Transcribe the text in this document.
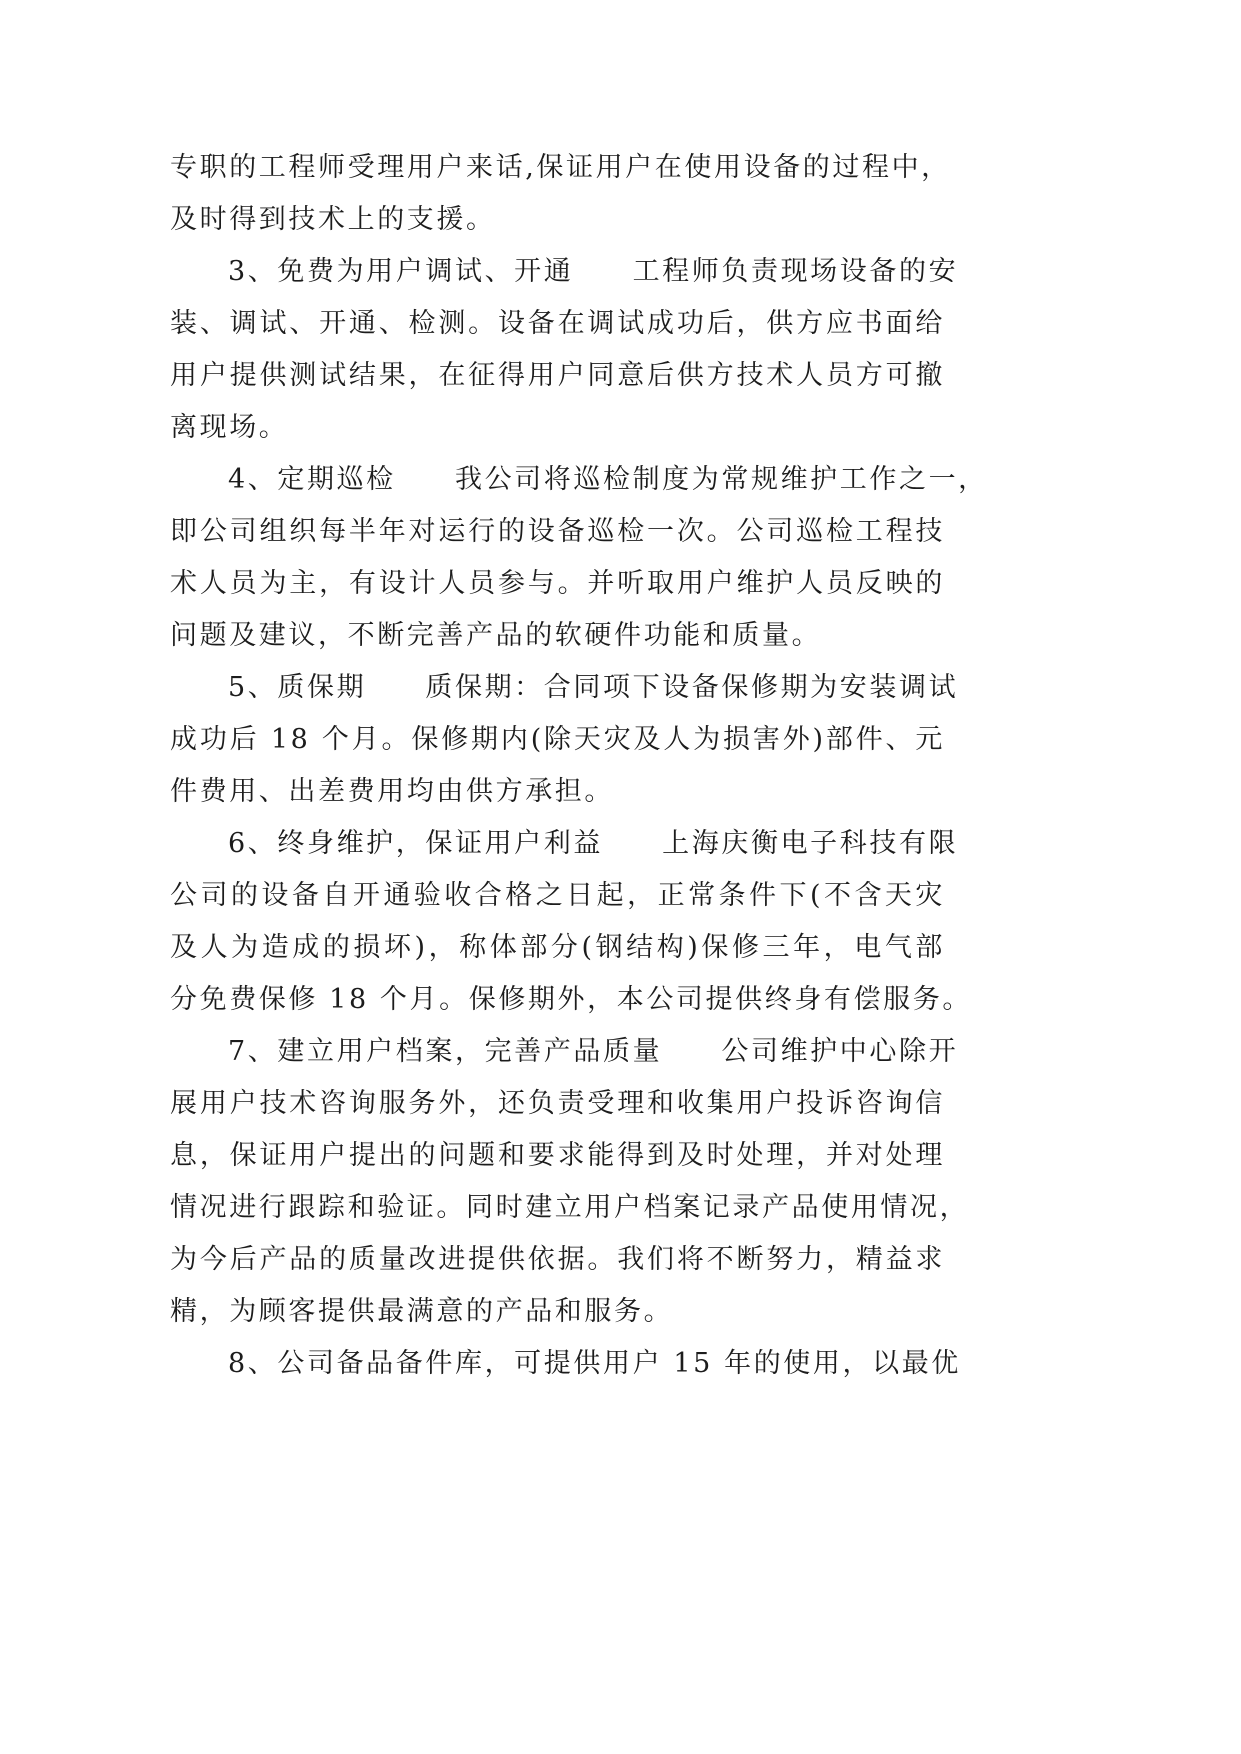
专职的工程师受理用户来话,保证用户在使用设备的过程中，
及时得到技术上的支援。
3、免费为用户调试、开通　　工程师负责现场设备的安
装、调试、开通、检测。设备在调试成功后，供方应书面给
用户提供测试结果，在征得用户同意后供方技术人员方可撤
离现场。
4、定期巡检　　我公司将巡检制度为常规维护工作之一，
即公司组织每半年对运行的设备巡检一次。公司巡检工程技
术人员为主，有设计人员参与。并听取用户维护人员反映的
问题及建议，不断完善产品的软硬件功能和质量。
5、质保期　　质保期：合同项下设备保修期为安装调试
成功后 18 个月。保修期内(除天灾及人为损害外)部件、元
件费用、出差费用均由供方承担。
6、终身维护，保证用户利益　　上海庆衡电子科技有限
公司的设备自开通验收合格之日起，正常条件下(不含天灾
及人为造成的损坏)，称体部分(钢结构)保修三年，电气部
分免费保修 18 个月。保修期外，本公司提供终身有偿服务。
7、建立用户档案，完善产品质量　　公司维护中心除开
展用户技术咨询服务外，还负责受理和收集用户投诉咨询信
息，保证用户提出的问题和要求能得到及时处理，并对处理
情况进行跟踪和验证。同时建立用户档案记录产品使用情况，
为今后产品的质量改进提供依据。我们将不断努力，精益求
精，为顾客提供最满意的产品和服务。
8、公司备品备件库，可提供用户 15 年的使用，以最优
